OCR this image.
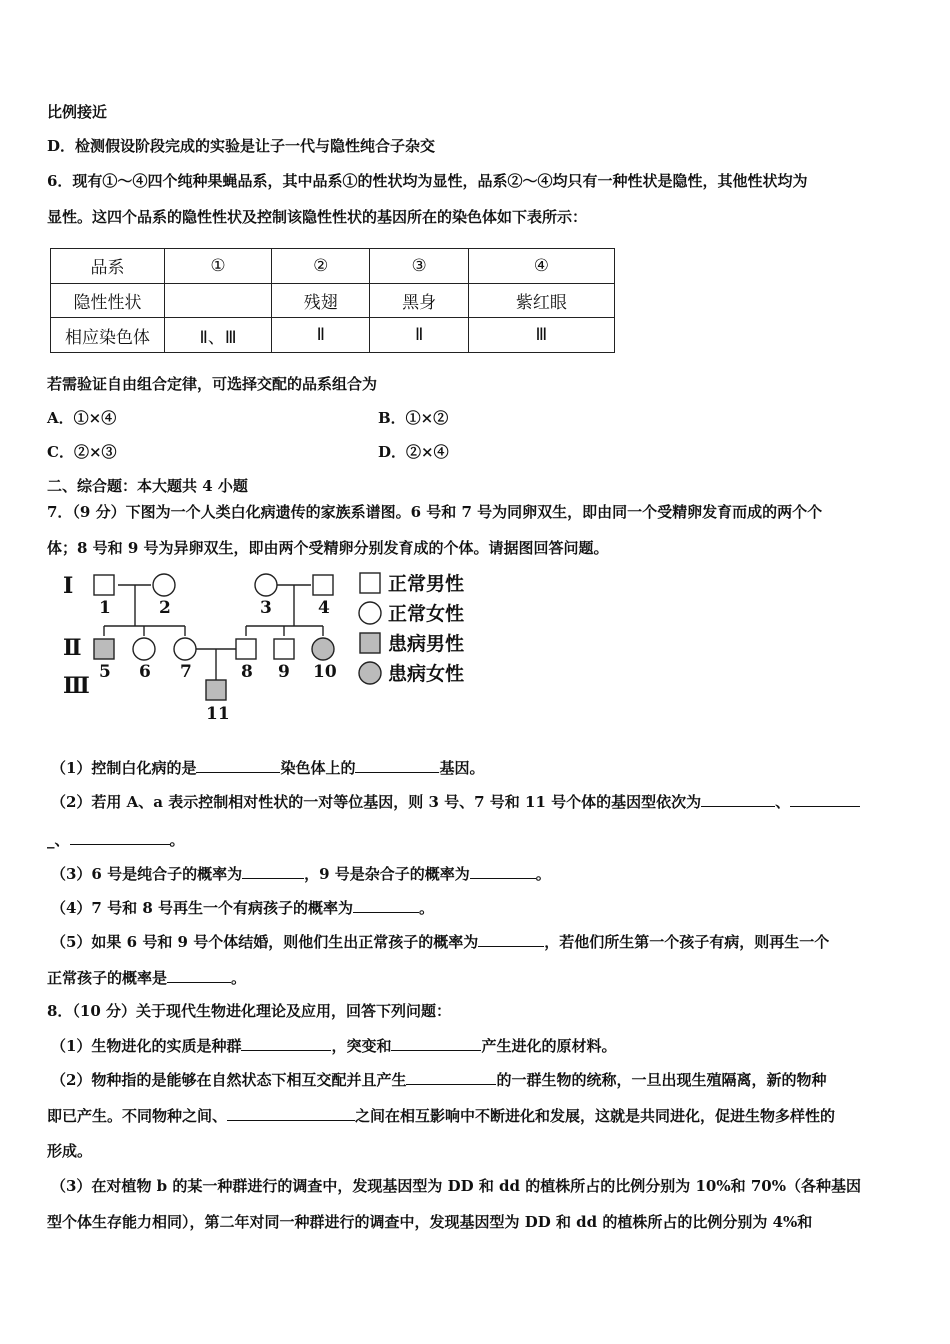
比例接近
D．检测假设阶段完成的实验是让子一代与隐性纯合子杂交
6．现有①～④四个纯种果蝇品系，其中品系①的性状均为显性，品系②～④均只有一种性状是隐性，其他性状均为
显性。这四个品系的隐性性状及控制该隐性性状的基因所在的染色体如下表所示：
品系	①	②	③	④
隐性性状		残翅	黑身	紫红眼
相应染色体	Ⅱ、Ⅲ	Ⅱ	Ⅱ	Ⅲ
若需验证自由组合定律，可选择交配的品系组合为
A．①×④	B．①×②
C．②×③	D．②×④
二、综合题：本大题共 4 小题
7．（9 分）下图为一个人类白化病遗传的家族系谱图。6 号和 7 号为同卵双生，即由同一个受精卵发育而成的两个个
体；8 号和 9 号为异卵双生，即由两个受精卵分别发育成的个体。请据图回答问题。
Ⅰ
Ⅱ
Ⅲ
1	2	3	4
5 6 7	8 9 10
11
正常男性
正常女性
患病男性
患病女性
（1）控制白化病的是	染色体上的	基因。
（2）若用 A、a 表示控制相对性状的一对等位基因，则 3 号、7 号和 11 号个体的基因型依次为	、
_、	。
（3）6 号是纯合子的概率为	，9 号是杂合子的概率为	。
（4）7 号和 8 号再生一个有病孩子的概率为	。
（5）如果 6 号和 9 号个体结婚，则他们生出正常孩子的概率为	，若他们所生第一个孩子有病，则再生一个
正常孩子的概率是	。
8．（10 分）关于现代生物进化理论及应用，回答下列问题：
（1）生物进化的实质是种群	，突变和	产生进化的原材料。
（2）物种指的是能够在自然状态下相互交配并且产生	的一群生物的统称，一旦出现生殖隔离，新的物种
即已产生。不同物种之间、	之间在相互影响中不断进化和发展，这就是共同进化，促进生物多样性的
形成。
（3）在对植物 b 的某一种群进行的调查中，发现基因型为 DD 和 dd 的植株所占的比例分别为 10%和 70%（各种基因
型个体生存能力相同），第二年对同一种群进行的调查中，发现基因型为 DD 和 dd 的植株所占的比例分别为 4%和
